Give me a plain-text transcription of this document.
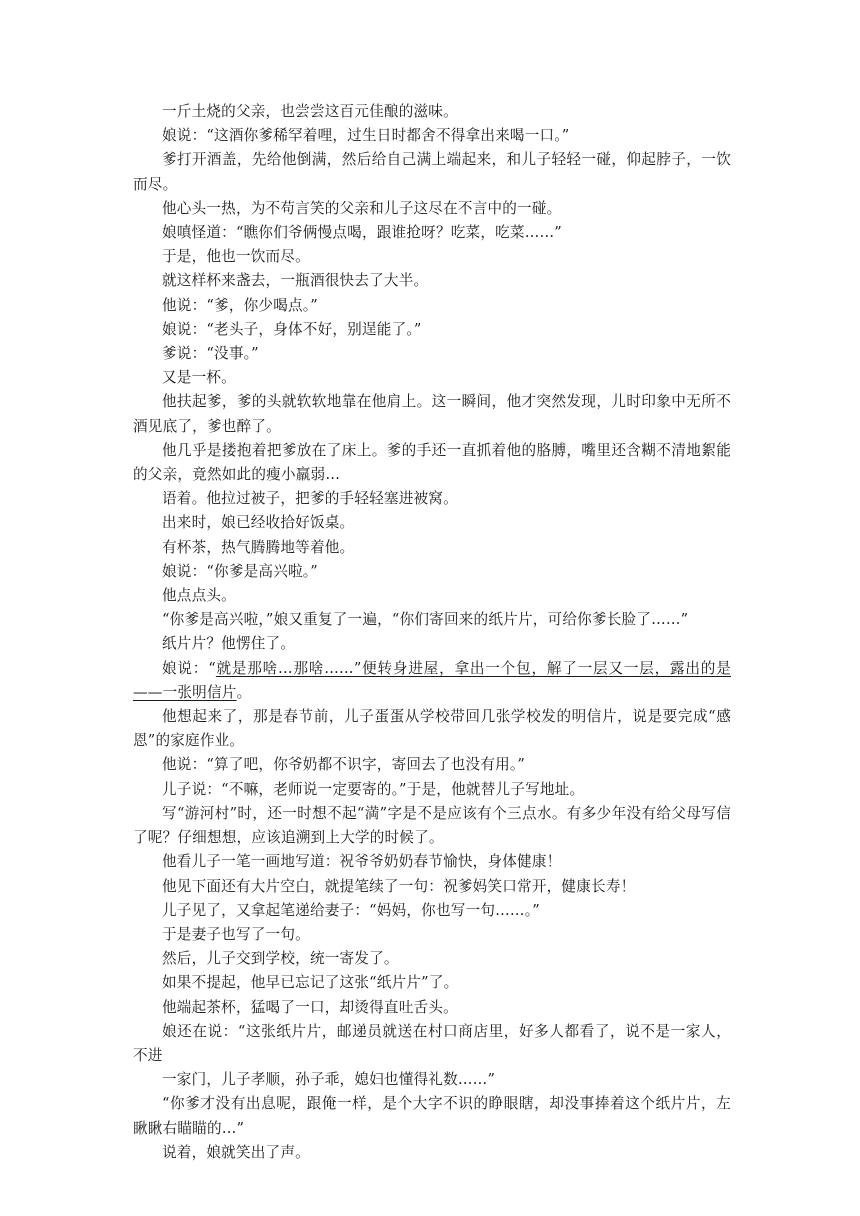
一斤土烧的父亲，也尝尝这百元佳酿的滋味。

娘说：“这酒你爹稀罕着哩，过生日时都舍不得拿出来喝一口。”

爹打开酒盖，先给他倒满，然后给自己满上端起来，和儿子轻轻一碰，仰起脖子，一饮而尽。

他心头一热，为不苟言笑的父亲和儿子这尽在不言中的一碰。

娘嗔怪道：“瞧你们爷俩慢点喝，跟谁抢呀？吃菜，吃菜……”

于是，他也一饮而尽。

就这样杯来盏去，一瓶酒很快去了大半。

他说：“爹，你少喝点。”

娘说：“老头子，身体不好，别逞能了。”

爹说：“没事。”

又是一杯。

他扶起爹，爹的头就软软地靠在他肩上。这一瞬间，他才突然发现，儿时印象中无所不酒见底了，爹也醉了。

他几乎是搂抱着把爹放在了床上。爹的手还一直抓着他的胳膊，嘴里还含糊不清地絮能的父亲，竟然如此的瘦小羸弱…

语着。他拉过被子，把爹的手轻轻塞进被窝。

出来时，娘已经收拾好饭桌。

有杯茶，热气腾腾地等着他。

娘说：“你爹是高兴啦。”

他点点头。

“你爹是高兴啦，”娘又重复了一遍，“你们寄回来的纸片片，可给你爹长脸了……”

纸片片？他愣住了。

娘说：“就是那啥…那啥……”便转身进屋，拿出一个包，解了一层又一层，露出的是——一张明信片。

他想起来了，那是春节前，儿子蛋蛋从学校带回几张学校发的明信片，说是要完成“感恩”的家庭作业。

他说：“算了吧，你爷奶都不识字，寄回去了也没有用。”

儿子说：“不嘛，老师说一定要寄的。”于是，他就替儿子写地址。

写“游河村”时，还一时想不起“満”字是不是应该有个三点水。有多少年没有给父母写信了呢？仔细想想，应该追溯到上大学的时候了。

他看儿子一笔一画地写道：祝爷爷奶奶春节愉快，身体健康！

他见下面还有大片空白，就提笔续了一句：祝爹妈笑口常开，健康长寿！

儿子见了，又拿起笔递给妻子：“妈妈，你也写一句……。”

于是妻子也写了一句。

然后，儿子交到学校，统一寄发了。

如果不提起，他早已忘记了这张“纸片片”了。

他端起茶杯，猛喝了一口，却烫得直吐舌头。

娘还在说：“这张纸片片，邮递员就送在村口商店里，好多人都看了，说不是一家人，不进

一家门，儿子孝顺，孙子乖，媳妇也懂得礼数……”

“你爹才没有出息呢，跟俺一样，是个大字不识的睁眼瞎，却没事捧着这个纸片片，左瞅瞅右瞄瞄的…”

说着，娘就笑出了声。
